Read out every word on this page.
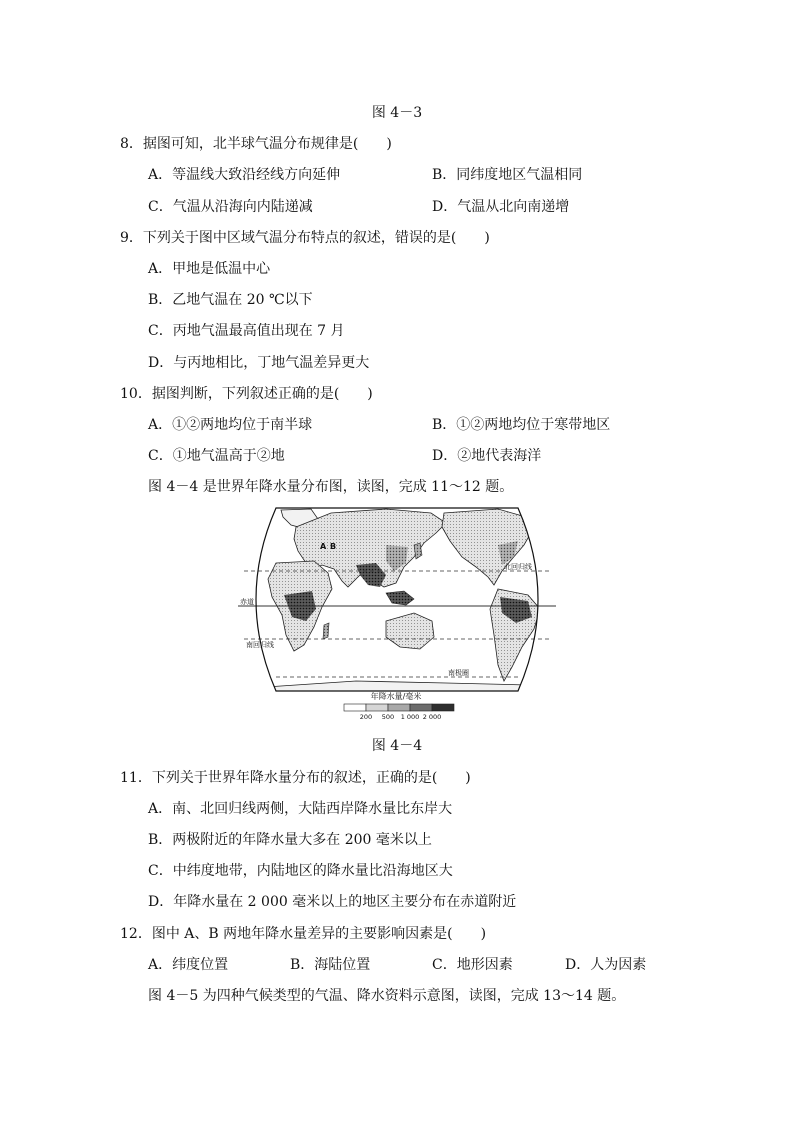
图 4－3
8．据图可知，北半球气温分布规律是(　　)
A．等温线大致沿经线方向延伸	B．同纬度地区气温相同
C．气温从沿海向内陆递减	D．气温从北向南递增
9．下列关于图中区域气温分布特点的叙述，错误的是(　　)
A．甲地是低温中心
B．乙地气温在 20 ℃以下
C．丙地气温最高值出现在 7 月
D．与丙地相比，丁地气温差异更大
10．据图判断，下列叙述正确的是(　　)
A．①②两地均位于南半球	B．①②两地均位于寒带地区
C．①地气温高于②地	D．②地代表海洋
图 4－4 是世界年降水量分布图，读图，完成 11～12 题。
北回归线
赤道
南回归线
南极圈
A B
年降水量/毫米
200 500 1 000 2 000
图 4－4
11．下列关于世界年降水量分布的叙述，正确的是(　　)
A．南、北回归线两侧，大陆西岸降水量比东岸大
B．两极附近的年降水量大多在 200 毫米以上
C．中纬度地带，内陆地区的降水量比沿海地区大
D．年降水量在 2 000 毫米以上的地区主要分布在赤道附近
12．图中 A、B 两地年降水量差异的主要影响因素是(　　)
A．纬度位置	B．海陆位置	C．地形因素	D．人为因素
图 4－5 为四种气候类型的气温、降水资料示意图，读图，完成 13～14 题。
